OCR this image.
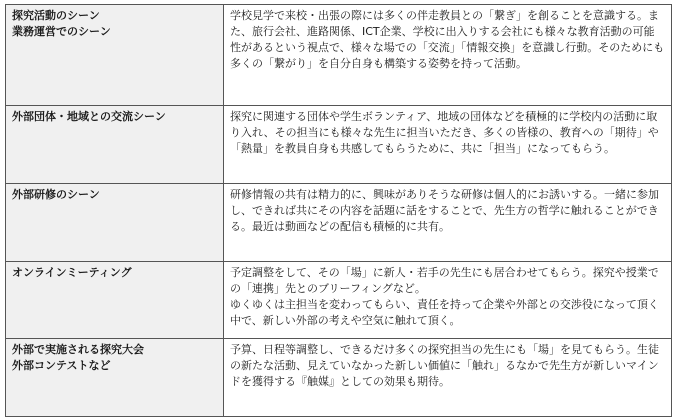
探究活動のシーン
業務運営でのシーン	学校見学で来校・出張の際には多くの伴走教員との「繋ぎ」を創ることを意識する。また、旅行会社、進路関係、ICT企業、学校に出入りする会社にも様々な教育活動の可能性があるという視点で、様々な場での「交流」「情報交換」を意識し行動。そのためにも多くの「繋がり」を自分自身も構築する姿勢を持って活動。

外部団体・地域との交流シーン	探究に関連する団体や学生ボランティア、地域の団体などを積極的に学校内の活動に取り入れ、その担当にも様々な先生に担当いただき、多くの皆様の、教育への「期待」や「熱量」を教員自身も共感してもらうために、共に「担当」になってもらう。

外部研修のシーン	研修情報の共有は精力的に、興味がありそうな研修は個人的にお誘いする。一緒に参加し、できれば共にその内容を話題に話をすることで、先生方の哲学に触れることができる。最近は動画などの配信も積極的に共有。

オンラインミーティング	予定調整をして、その「場」に新人・若手の先生にも居合わせてもらう。探究や授業での「連携」先とのブリーフィングなど。
ゆくゆくは主担当を変わってもらい、責任を持って企業や外部との交渉役になって頂く中で、新しい外部の考えや空気に触れて頂く。

外部で実施される探究大会
外部コンテストなど	予算、日程等調整し、できるだけ多くの探究担当の先生にも「場」を見てもらう。生徒の新たな活動、見えていなかった新しい価値に「触れ」るなかで先生方が新しいマインドを獲得する『触媒』としての効果も期待。
